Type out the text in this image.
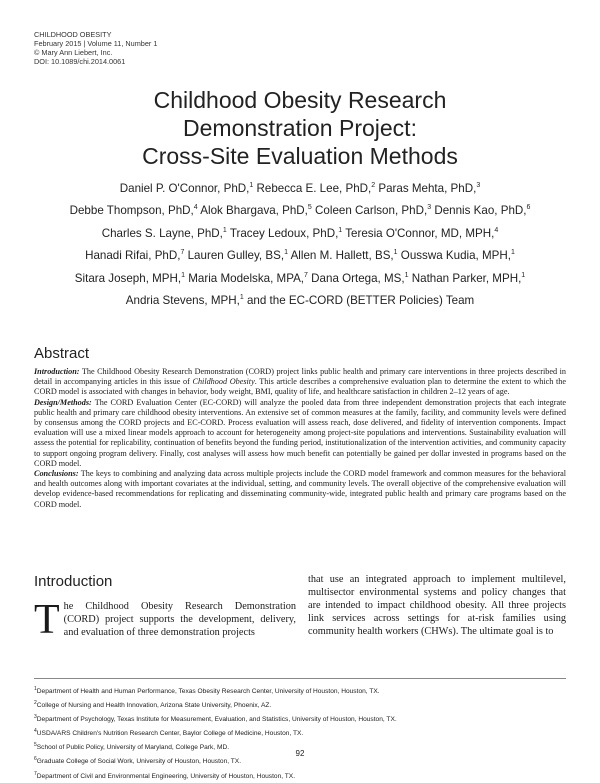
CHILDHOOD OBESITY
February 2015 | Volume 11, Number 1
© Mary Ann Liebert, Inc.
DOI: 10.1089/chi.2014.0061
Childhood Obesity Research
Demonstration Project:
Cross-Site Evaluation Methods
Daniel P. O'Connor, PhD,$^1$ Rebecca E. Lee, PhD,$^2$ Paras Mehta, PhD,$^3$
Debbe Thompson, PhD,$^4$ Alok Bhargava, PhD,$^5$ Coleen Carlson, PhD,$^3$ Dennis Kao, PhD,$^6$
Charles S. Layne, PhD,$^1$ Tracey Ledoux, PhD,$^1$ Teresia O'Connor, MD, MPH,$^4$
Hanadi Rifai, PhD,$^7$ Lauren Gulley, BS,$^1$ Allen M. Hallett, BS,$^1$ Ousswa Kudia, MPH,$^1$
Sitara Joseph, MPH,$^1$ Maria Modelska, MPA,$^7$ Dana Ortega, MS,$^1$ Nathan Parker, MPH,$^1$
Andria Stevens, MPH,$^1$ and the EC-CORD (BETTER Policies) Team
Abstract

Introduction: The Childhood Obesity Research Demonstration (CORD) project links public health and primary care interventions in three projects described in detail in accompanying articles in this issue of Childhood Obesity. This article describes a comprehensive evaluation plan to determine the extent to which the CORD model is associated with changes in behavior, body weight, BMI, quality of life, and healthcare satisfaction in children 2–12 years of age.

Design/Methods: The CORD Evaluation Center (EC-CORD) will analyze the pooled data from three independent demonstration projects that each integrate public health and primary care childhood obesity interventions. An extensive set of common measures at the family, facility, and community levels were defined by consensus among the CORD projects and EC-CORD. Process evaluation will assess reach, dose delivered, and fidelity of intervention components. Impact evaluation will use a mixed linear models approach to account for heterogeneity among project-site populations and interventions. Sustainability evaluation will assess the potential for replicability, continuation of benefits beyond the funding period, institutionalization of the intervention activities, and community capacity to support ongoing program delivery. Finally, cost analyses will assess how much benefit can potentially be gained per dollar invested in programs based on the CORD model.

Conclusions: The keys to combining and analyzing data across multiple projects include the CORD model framework and common measures for the behavioral and health outcomes along with important covariates at the individual, setting, and community levels. The overall objective of the comprehensive evaluation will develop evidence-based recommendations for replicating and disseminating community-wide, integrated public health and primary care programs based on the CORD model.

Introduction
The Childhood Obesity Research Demonstration (CORD) project supports the development, delivery, and evaluation of three demonstration projects
that use an integrated approach to implement multilevel, multisector environmental systems and policy changes that are intended to impact childhood obesity. All three projects link services across settings for at-risk families using community health workers (CHWs). The ultimate goal is to
$^1$Department of Health and Human Performance, Texas Obesity Research Center, University of Houston, Houston, TX.
$^2$College of Nursing and Health Innovation, Arizona State University, Phoenix, AZ.
$^3$Department of Psychology, Texas Institute for Measurement, Evaluation, and Statistics, University of Houston, Houston, TX.
$^4$USDA/ARS Children's Nutrition Research Center, Baylor College of Medicine, Houston, TX.
$^5$School of Public Policy, University of Maryland, College Park, MD.
$^6$Graduate College of Social Work, University of Houston, Houston, TX.
$^7$Department of Civil and Environmental Engineering, University of Houston, Houston, TX.
92
